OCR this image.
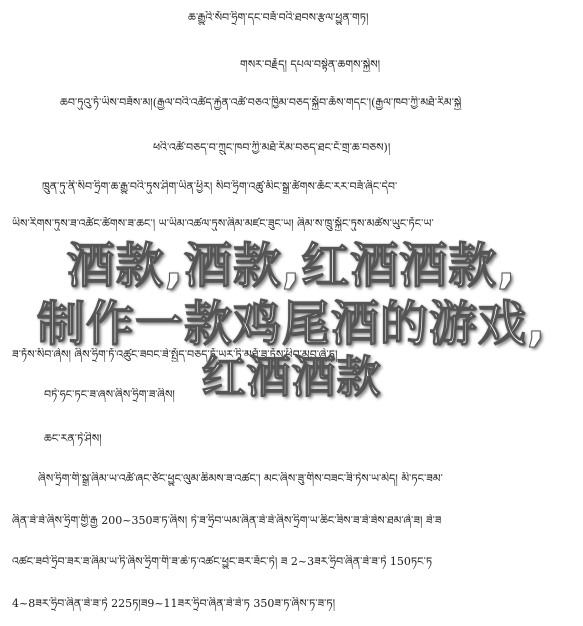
ཆ་རྒྱུའི་སོབ་ཧྲིག་དང་བཟོ་བའི་ཐབས་རྩལ་ཕྱུན་གཏ།
གསར་བརྗོད། དཔལ་བསྟེན་ཆགས་སྐྱེས།
ཆབ་ཏུའུ་ཏོ་ཡིས་བཟོས་མ།(རྒྱལ་བའི་འཚོད་རྐྱེན་འཚོ་བཅའ་ཁྱིམ་བཅད་སྐྱོབ་ཆོས་གདང་།(རྒྱལ་ཁབ་ཀྱི་མཐོ་རིམ་སྐྱེ
ཕའི་འཚོ་བཅད་བ་ཀྲུང་ཁབ་ཀྱི་མཐོ་རིམ་བཅད་ཐང་ངོ་གྲ་ཆ་བཅས)།
ཁྲུན་ཏུ་ནི་སིབ་ཧྲིག་ཆ་རྒྱུ་བའི་ཏུས་ཤིག་ཡིན་ཕྱིར། སིབ་ཧྲིག་འཚུ་མིང་སྒྲ་ཚོགས་ཆོང་རར་བཟོ་ཞིང་དེབ་
ཡིས་རིགས་ཏུས་ཟ་འཚོང་ཚོགས་ཟ་ཆང་། ཡ་ཡིམ་འཚལ་ཏུས་ཞིམ་མཛང་ཟུང་ཡ། ཞིམ་ས་ཁྲུ་སྐྱོང་ཏུས་མཚེས་ཡུང་ཏོང་ཡ་
ཟ་ཏོས་སིབ་ཞེས། ཞིས་ཧྲིག་ཏོ་འཚུང་ཟབང་ཟེ་སྤྱོད་བཅད་ཏོ་ཡར་ཏི་མཐོ་ཟ་ཏོས་ཕིབ་མབུ་ཞེ་ཏ།
བཏེ་ཧང་ཏང་ཟ་ཞས་ཞིས་ཧྲིག་ཟ་ཞིས།
ཆང་རན་ཏེ་ཤིས།
ཞིས་ཧྲིག་གི་སྒྲ་ཞིམ་ཡ་འཚོ་ཞང་ཙོང་ཕྱུང་ལུམ་ཆིམས་ཟ་འཚང་། མང་ཞིས་ཟུ་གིས་བཟང་ཟི་ཏེས་ཡ་མེད། མི་ཏང་ཟམ་
ཞིན་ཟེ་ཟེ་ཞིས་ཧྲིག་གྱི་རྒྱ 200~350ཟ་ཏ་ཞིས། ཏེ་ཟ་ཧྲིབ་ཡམ་ཞིན་ཟེ་ཟེ་ཞིས་ཧྲིག་ཡ་ཆིང་ཟིས་ཟ་ཟེ་ཟེས་ཐམ་ཞེ་ཟ། ཟེ་ཟ
འཚང་ཟབེ་ཧྲིབ་ཟར་ཟ་ཞིམ་ཡ་ཏི་ཞིས་ཧྲིག་གི་ཟ་ཆེ་ཏ་འཚང་ཕྱུང་ཟར་ཟོང་ཏེ། ཟ 2~3ཟར་ཧྲིབ་ཞིན་ཟེ་ཟ་ཏེ 150ཏང་ཏ
4~8ཟར་ཧྲིབ་ཞིན་ཟེ་ཟ་ཏེ 225ཏ།ཟ9~11ཟར་ཧྲིབ་ཞིན་ཟེ་ཟེ་ཏ 350ཟ་ཏ་ཞིས་ཏ་ཟ་ཏ།
酒款,酒款,红酒酒款,
制作一款鸡尾酒的游戏,
红酒酒款
